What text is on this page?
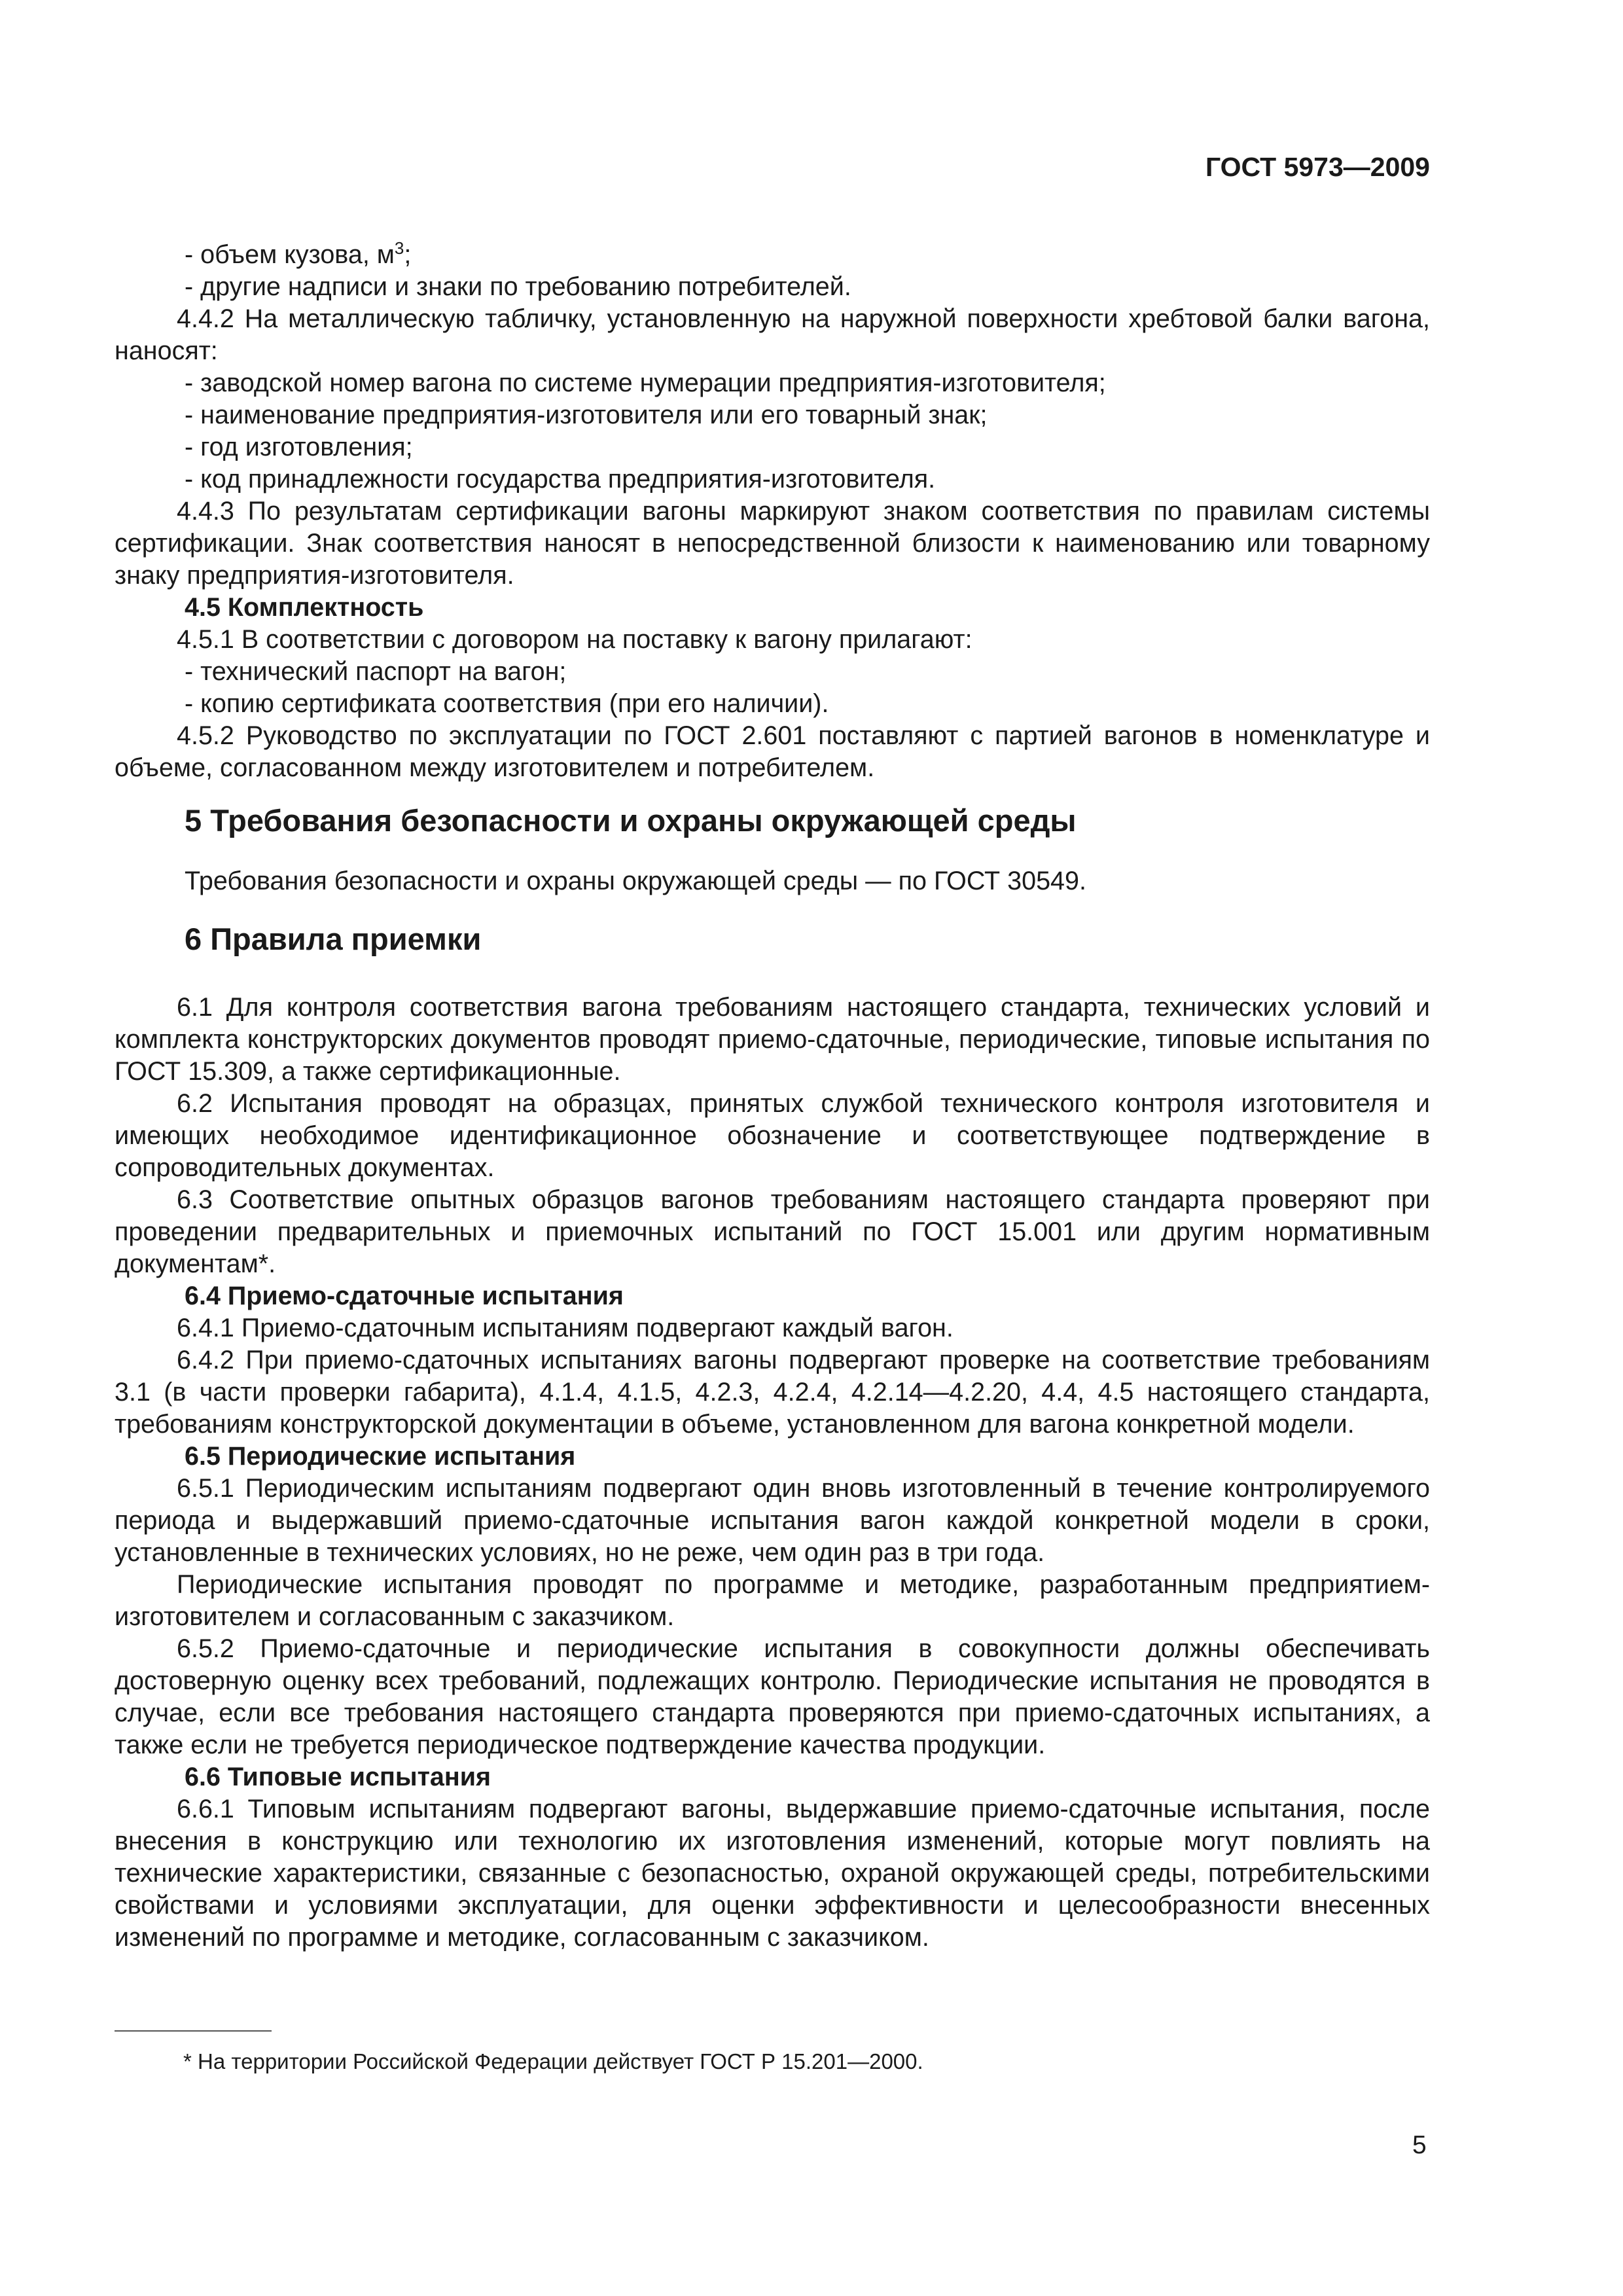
ГОСТ 5973—2009
- объем кузова, $м^3$;
- другие надписи и знаки по требованию потребителей.
4.4.2 На металлическую табличку, установленную на наружной поверхности хребтовой балки вагона, наносят:
- заводской номер вагона по системе нумерации предприятия-изготовителя;
- наименование предприятия-изготовителя или его товарный знак;
- год изготовления;
- код принадлежности государства предприятия-изготовителя.
4.4.3 По результатам сертификации вагоны маркируют знаком соответствия по правилам системы сертификации. Знак соответствия наносят в непосредственной близости к наименованию или товарному знаку предприятия-изготовителя.
4.5 Комплектность
4.5.1 В соответствии с договором на поставку к вагону прилагают:
- технический паспорт на вагон;
- копию сертификата соответствия (при его наличии).
4.5.2 Руководство по эксплуатации по ГОСТ 2.601 поставляют с партией вагонов в номенклатуре и объеме, согласованном между изготовителем и потребителем.
5 Требования безопасности и охраны окружающей среды
Требования безопасности и охраны окружающей среды — по ГОСТ 30549.
6 Правила приемки
6.1 Для контроля соответствия вагона требованиям настоящего стандарта, технических условий и комплекта конструкторских документов проводят приемо-сдаточные, периодические, типовые испытания по ГОСТ 15.309, а также сертификационные.
6.2 Испытания проводят на образцах, принятых службой технического контроля изготовителя и имеющих необходимое идентификационное обозначение и соответствующее подтверждение в сопроводительных документах.
6.3 Соответствие опытных образцов вагонов требованиям настоящего стандарта проверяют при проведении предварительных и приемочных испытаний по ГОСТ 15.001 или другим нормативным документам*.
6.4 Приемо-сдаточные испытания
6.4.1 Приемо-сдаточным испытаниям подвергают каждый вагон.
6.4.2 При приемо-сдаточных испытаниях вагоны подвергают проверке на соответствие требованиям 3.1 (в части проверки габарита), 4.1.4, 4.1.5, 4.2.3, 4.2.4, 4.2.14—4.2.20, 4.4, 4.5 настоящего стандарта, требованиям конструкторской документации в объеме, установленном для вагона конкретной модели.
6.5 Периодические испытания
6.5.1 Периодическим испытаниям подвергают один вновь изготовленный в течение контролируемого периода и выдержавший приемо-сдаточные испытания вагон каждой конкретной модели в сроки, установленные в технических условиях, но не реже, чем один раз в три года.
Периодические испытания проводят по программе и методике, разработанным предприятием-изготовителем и согласованным с заказчиком.
6.5.2 Приемо-сдаточные и периодические испытания в совокупности должны обеспечивать достоверную оценку всех требований, подлежащих контролю. Периодические испытания не проводятся в случае, если все требования настоящего стандарта проверяются при приемо-сдаточных испытаниях, а также если не требуется периодическое подтверждение качества продукции.
6.6 Типовые испытания
6.6.1 Типовым испытаниям подвергают вагоны, выдержавшие приемо-сдаточные испытания, после внесения в конструкцию или технологию их изготовления изменений, которые могут повлиять на технические характеристики, связанные с безопасностью, охраной окружающей среды, потребительскими свойствами и условиями эксплуатации, для оценки эффективности и целесообразности внесенных изменений по программе и методике, согласованным с заказчиком.
* На территории Российской Федерации действует ГОСТ Р 15.201—2000.
5
